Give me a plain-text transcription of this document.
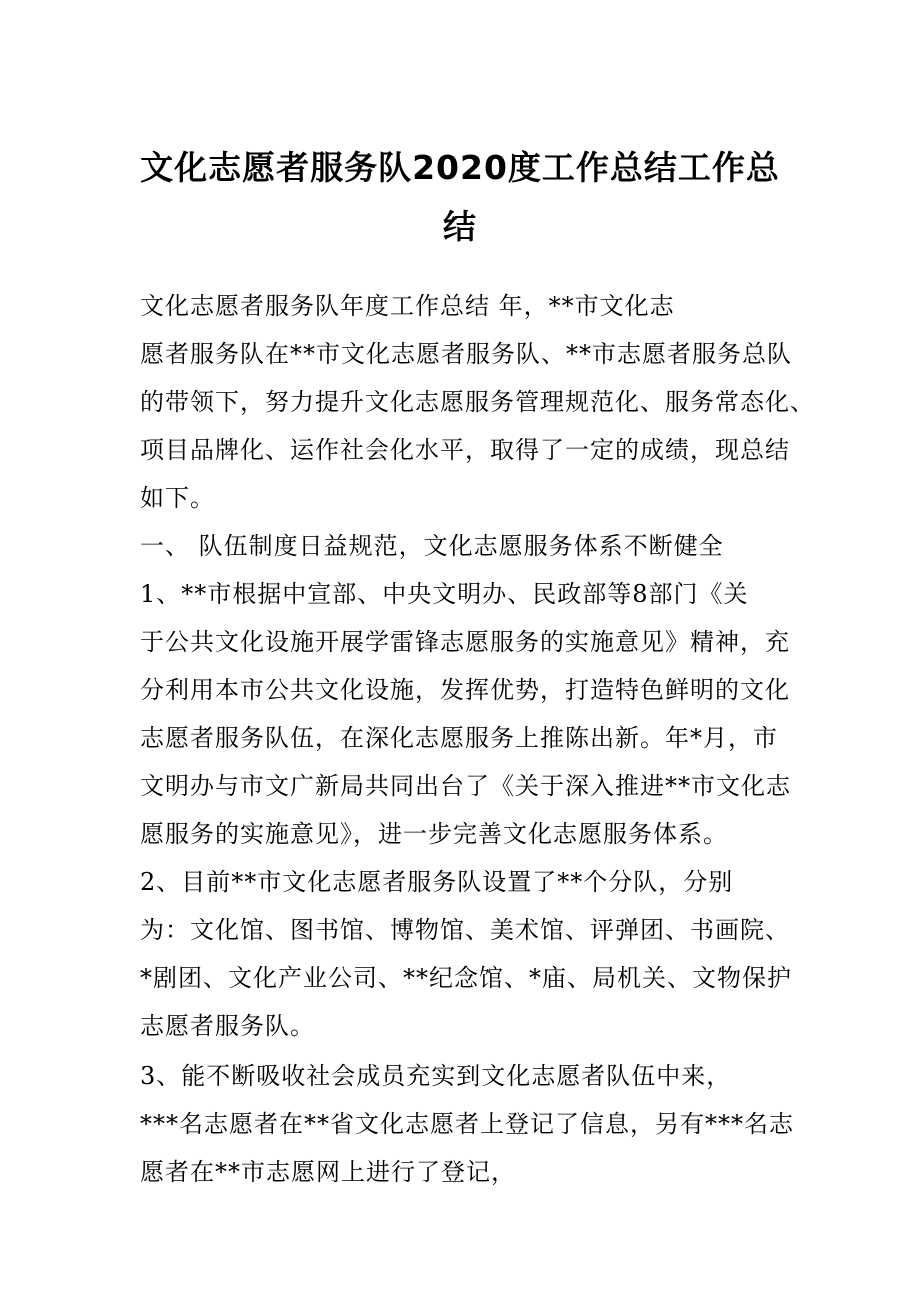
文化志愿者服务队2020度工作总结工作总
结
文化志愿者服务队年度工作总结 年，**市文化志
愿者服务队在**市文化志愿者服务队、**市志愿者服务总队
的带领下，努力提升文化志愿服务管理规范化、服务常态化、
项目品牌化、运作社会化水平，取得了一定的成绩，现总结
如下。
一、 队伍制度日益规范，文化志愿服务体系不断健全
1、**市根据中宣部、中央文明办、民政部等8部门《关
于公共文化设施开展学雷锋志愿服务的实施意见》精神，充
分利用本市公共文化设施，发挥优势，打造特色鲜明的文化
志愿者服务队伍，在深化志愿服务上推陈出新。年*月，市
文明办与市文广新局共同出台了《关于深入推进**市文化志
愿服务的实施意见》，进一步完善文化志愿服务体系。
2、目前**市文化志愿者服务队设置了**个分队，分别
为：文化馆、图书馆、博物馆、美术馆、评弹团、书画院、
*剧团、文化产业公司、**纪念馆、*庙、局机关、文物保护
志愿者服务队。
3、能不断吸收社会成员充实到文化志愿者队伍中来，
***名志愿者在**省文化志愿者上登记了信息，另有***名志
愿者在**市志愿网上进行了登记，
